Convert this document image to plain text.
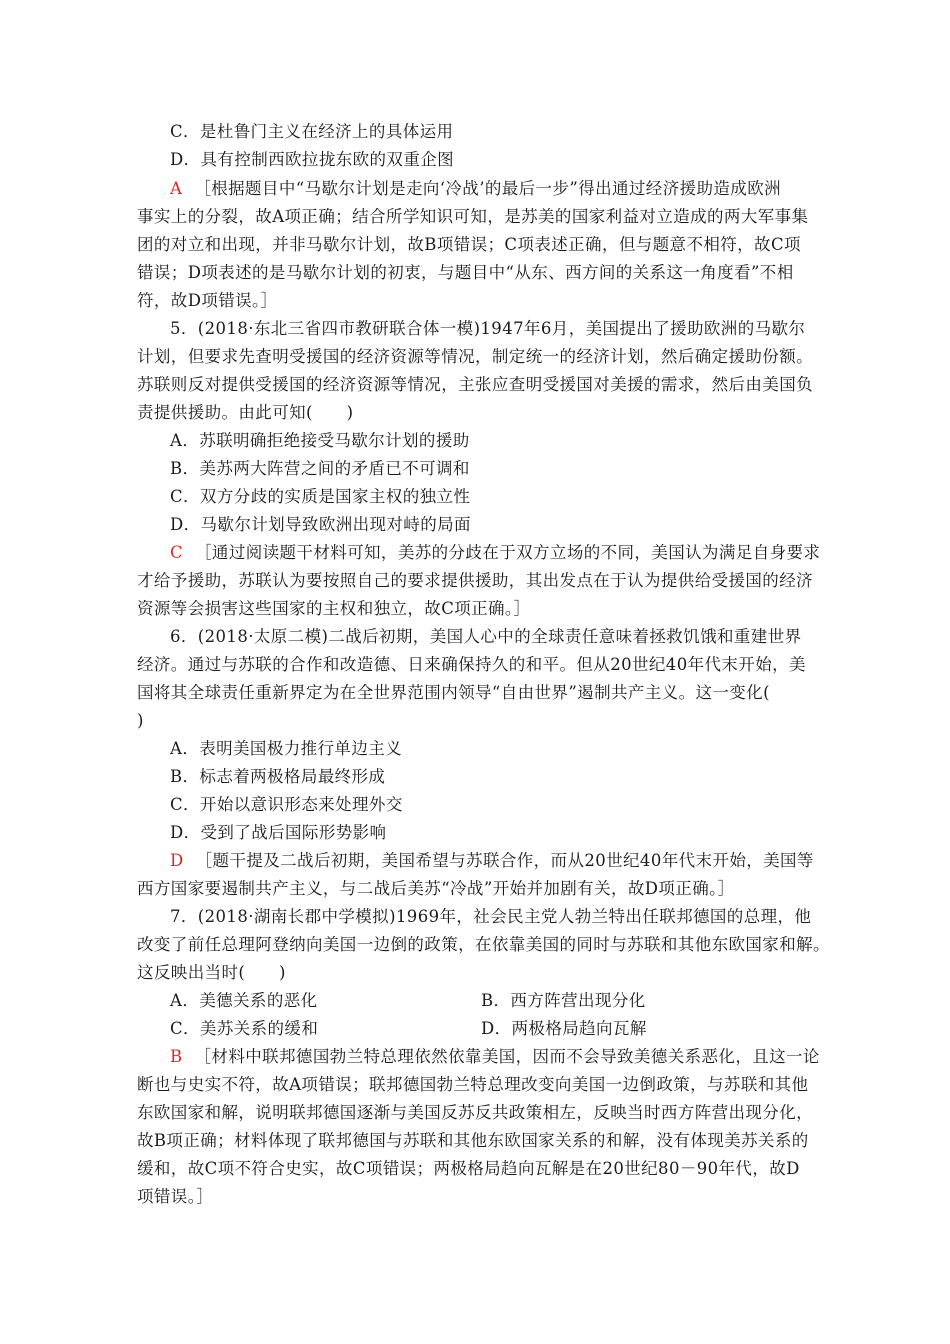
C．是杜鲁门主义在经济上的具体运用
D．具有控制西欧拉拢东欧的双重企图
A ［根据题目中“马歇尔计划是走向‘冷战’的最后一步”得出通过经济援助造成欧洲
事实上的分裂，故A项正确；结合所学知识可知，是苏美的国家利益对立造成的两大军事集
团的对立和出现，并非马歇尔计划，故B项错误；C项表述正确，但与题意不相符，故C项
错误；D项表述的是马歇尔计划的初衷，与题目中“从东、西方间的关系这一角度看”不相
符，故D项错误。］
5．(2018·东北三省四市教研联合体一模)1947年6月，美国提出了援助欧洲的马歇尔
计划，但要求先查明受援国的经济资源等情况，制定统一的经济计划，然后确定援助份额。
苏联则反对提供受援国的经济资源等情况，主张应查明受援国对美援的需求，然后由美国负
责提供援助。由此可知(　　)
A．苏联明确拒绝接受马歇尔计划的援助
B．美苏两大阵营之间的矛盾已不可调和
C．双方分歧的实质是国家主权的独立性
D．马歇尔计划导致欧洲出现对峙的局面
C ［通过阅读题干材料可知，美苏的分歧在于双方立场的不同，美国认为满足自身要求
才给予援助，苏联认为要按照自己的要求提供援助，其出发点在于认为提供给受援国的经济
资源等会损害这些国家的主权和独立，故C项正确。］
6．(2018·太原二模)二战后初期，美国人心中的全球责任意味着拯救饥饿和重建世界
经济。通过与苏联的合作和改造德、日来确保持久的和平。但从20世纪40年代末开始，美
国将其全球责任重新界定为在全世界范围内领导“自由世界”遏制共产主义。这一变化(
)
A．表明美国极力推行单边主义
B．标志着两极格局最终形成
C．开始以意识形态来处理外交
D．受到了战后国际形势影响
D ［题干提及二战后初期，美国希望与苏联合作，而从20世纪40年代末开始，美国等
西方国家要遏制共产主义，与二战后美苏“冷战”开始并加剧有关，故D项正确。］
7．(2018·湖南长郡中学模拟)1969年，社会民主党人勃兰特出任联邦德国的总理，他
改变了前任总理阿登纳向美国一边倒的政策，在依靠美国的同时与苏联和其他东欧国家和解。
这反映出当时(　　)
A．美德关系的恶化	B．西方阵营出现分化
C．美苏关系的缓和	D．两极格局趋向瓦解
B ［材料中联邦德国勃兰特总理依然依靠美国，因而不会导致美德关系恶化，且这一论
断也与史实不符，故A项错误；联邦德国勃兰特总理改变向美国一边倒政策，与苏联和其他
东欧国家和解，说明联邦德国逐渐与美国反苏反共政策相左，反映当时西方阵营出现分化，
故B项正确；材料体现了联邦德国与苏联和其他东欧国家关系的和解，没有体现美苏关系的
缓和，故C项不符合史实，故C项错误；两极格局趋向瓦解是在20世纪80－90年代，故D
项错误。］
